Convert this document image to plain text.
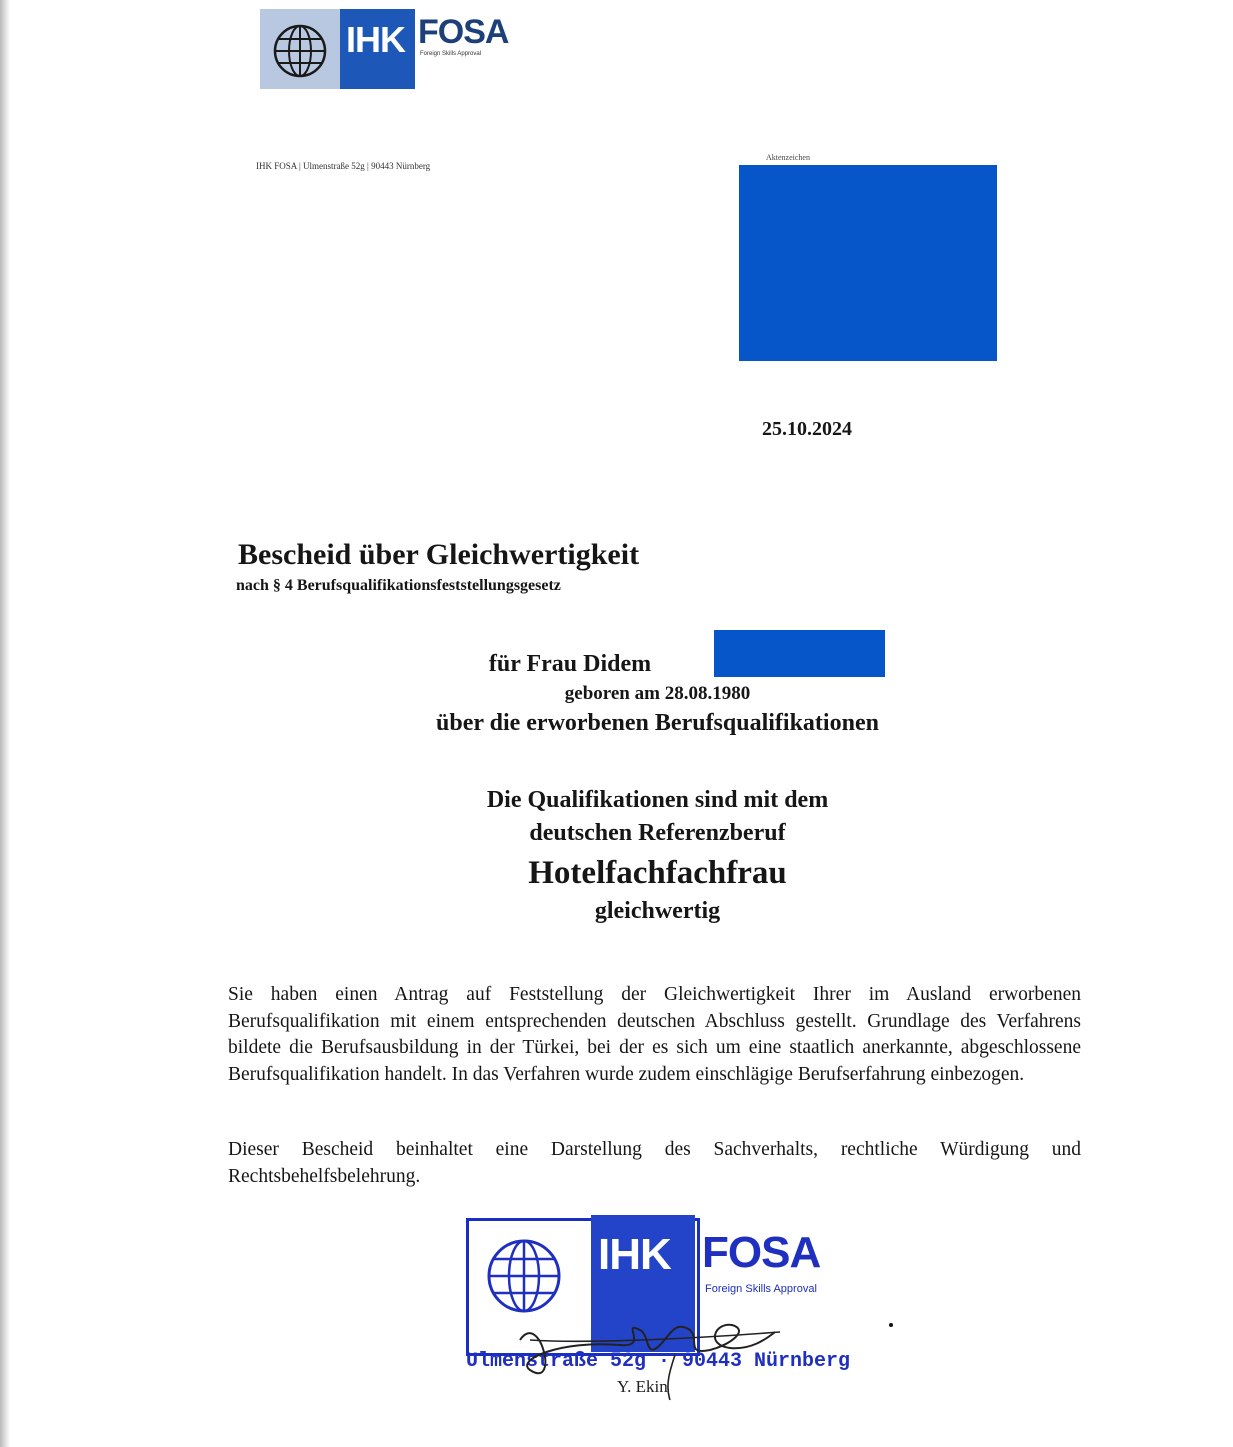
IHK FOSA
Foreign Skills Approval
IHK FOSA | Ulmenstraße 52g | 90443 Nürnberg
Aktenzeichen
25.10.2024
Bescheid über Gleichwertigkeit
nach § 4 Berufsqualifikationsfeststellungsgesetz
für Frau Didem
geboren am 28.08.1980
über die erworbenen Berufsqualifikationen
Die Qualifikationen sind mit dem
deutschen Referenzberuf
Hotelfachfachfrau
gleichwertig

Sie haben einen Antrag auf Feststellung der Gleichwertigkeit Ihrer im Ausland erworbenen Berufsqualifikation mit einem entsprechenden deutschen Abschluss gestellt. Grundlage des Verfahrens bildete die Berufsausbildung in der Türkei, bei der es sich um eine staatlich anerkannte, abgeschlossene Berufsqualifikation handelt. In das Verfahren wurde zudem einschlägige Berufserfahrung einbezogen.

Dieser Bescheid beinhaltet eine Darstellung des Sachverhalts, rechtliche Würdigung und Rechtsbehelfsbelehrung.

IHK FOSA
Foreign Skills Approval
Ulmenstraße 52g · 90443 Nürnberg
Y. Ekin
